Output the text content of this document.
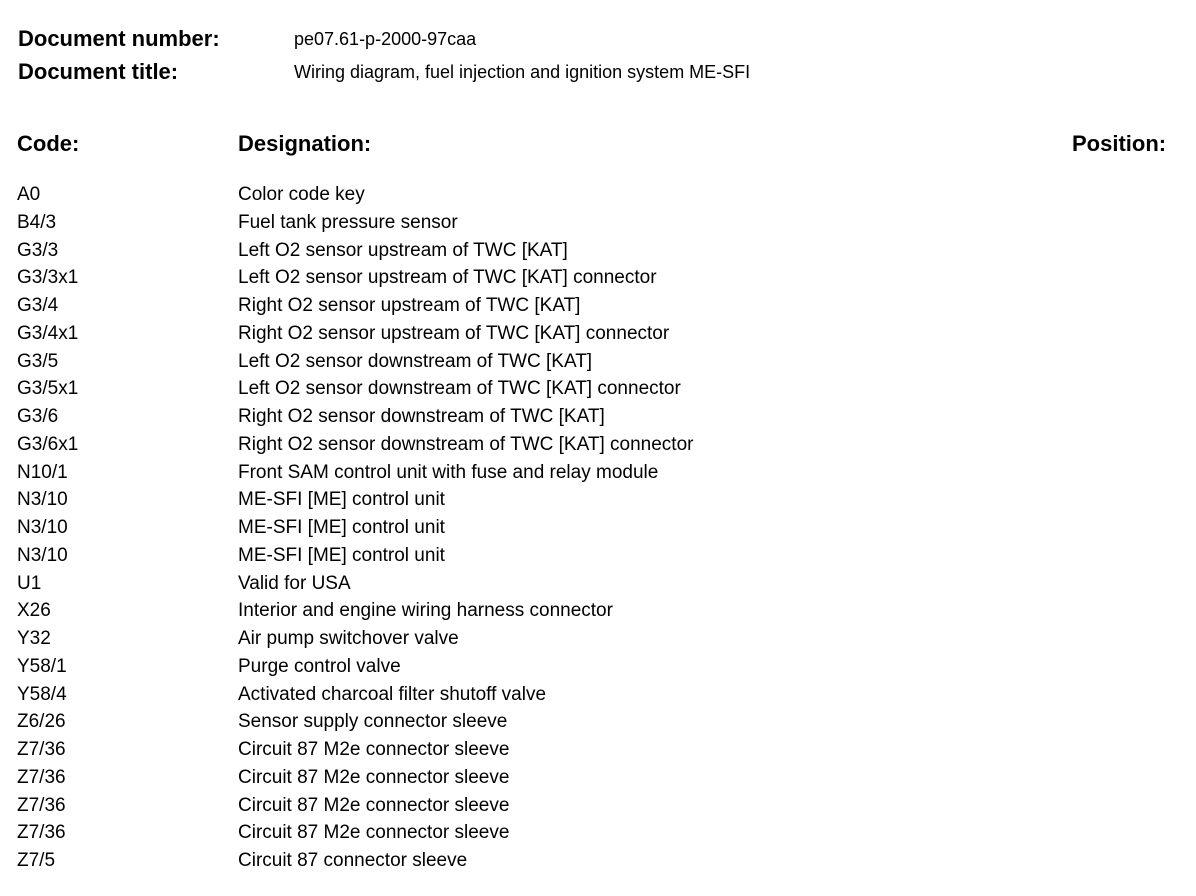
Document number:	pe07.61-p-2000-97caa
Document title:	Wiring diagram, fuel injection and ignition system ME-SFI
Code:	Designation:	Position:
A0	Color code key
B4/3	Fuel tank pressure sensor
G3/3	Left O2 sensor upstream of TWC [KAT]
G3/3x1	Left O2 sensor upstream of TWC [KAT] connector
G3/4	Right O2 sensor upstream of TWC [KAT]
G3/4x1	Right O2 sensor upstream of TWC [KAT] connector
G3/5	Left O2 sensor downstream of TWC [KAT]
G3/5x1	Left O2 sensor downstream of TWC [KAT] connector
G3/6	Right O2 sensor downstream of TWC [KAT]
G3/6x1	Right O2 sensor downstream of TWC [KAT] connector
N10/1	Front SAM control unit with fuse and relay module
N3/10	ME-SFI [ME] control unit
N3/10	ME-SFI [ME] control unit
N3/10	ME-SFI [ME] control unit
U1	Valid for USA
X26	Interior and engine wiring harness connector
Y32	Air pump switchover valve
Y58/1	Purge control valve
Y58/4	Activated charcoal filter shutoff valve
Z6/26	Sensor supply connector sleeve
Z7/36	Circuit 87 M2e connector sleeve
Z7/36	Circuit 87 M2e connector sleeve
Z7/36	Circuit 87 M2e connector sleeve
Z7/36	Circuit 87 M2e connector sleeve
Z7/5	Circuit 87 connector sleeve
